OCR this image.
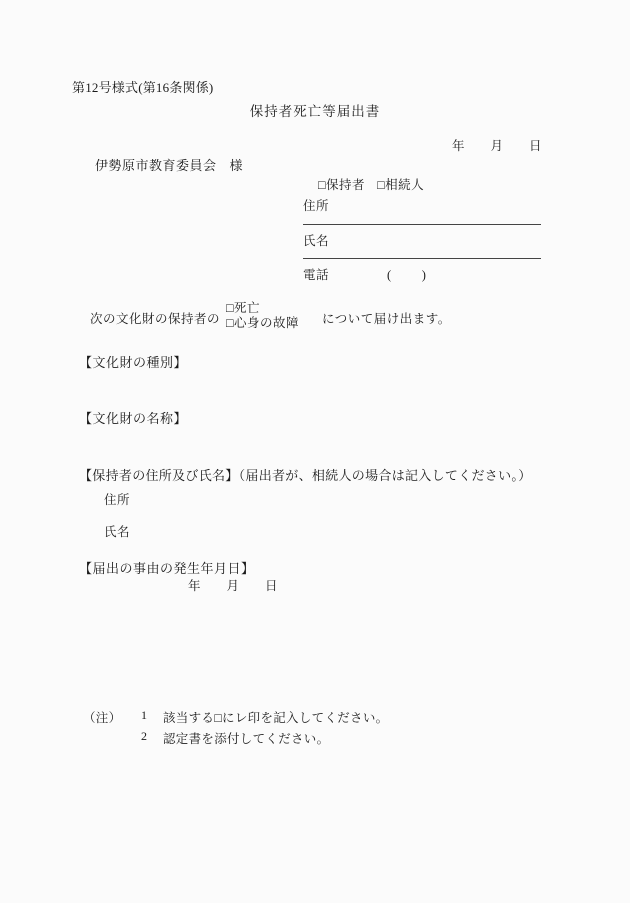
第12号様式(第16条関係)
保持者死亡等届出書
年 月 日
伊勢原市教育委員会 様
□保持者 □相続人
住所
氏名
電話	( )
次の文化財の保持者の
□死亡
□心身の故障 について届け出ます。
【文化財の種別】
【文化財の名称】
【保持者の住所及び氏名】（届出者が、相続人の場合は記入してください。）
住所
氏名
【届出の事由の発生年月日】
年 月 日
（注） 1 該当する□にレ印を記入してください。
2 認定書を添付してください。
